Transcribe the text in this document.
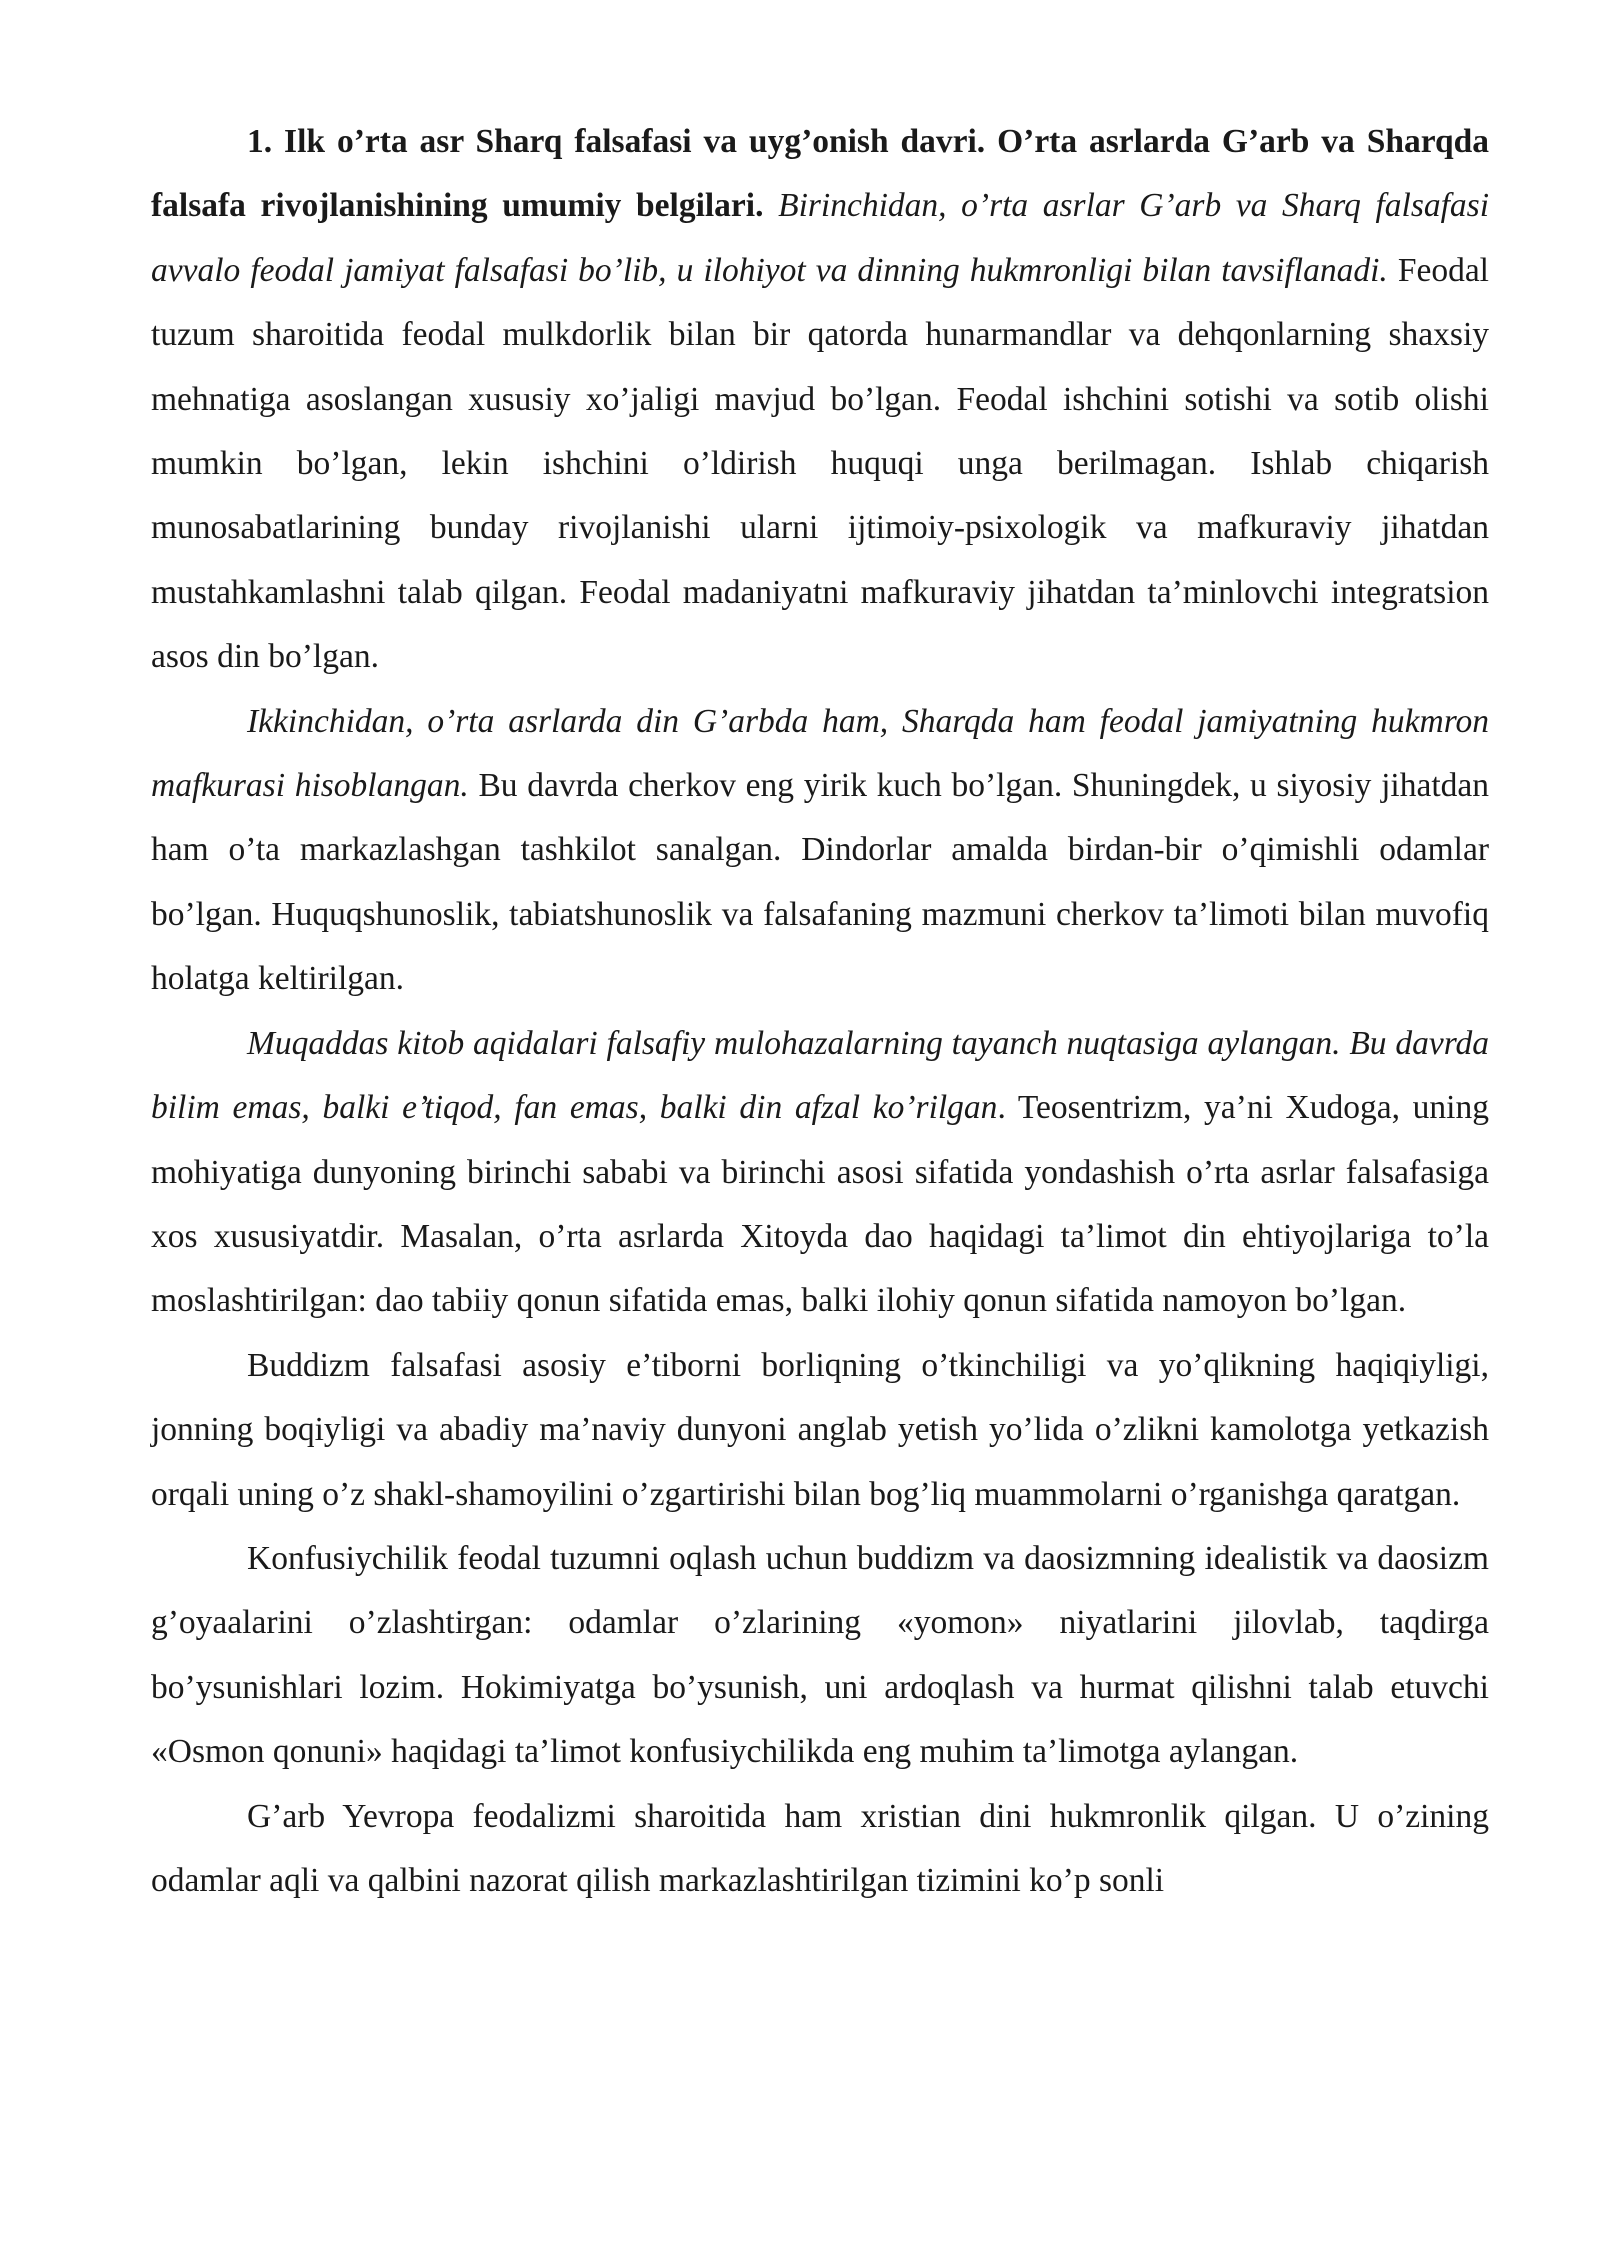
1. Ilk o’rta asr Sharq falsafasi va uyg’onish davri. O’rta asrlarda G’arb va Sharqda falsafa rivojlanishining umumiy belgilari. Birinchidan, o’rta asrlar G’arb va Sharq falsafasi avvalo feodal jamiyat falsafasi bo’lib, u ilohiyot va dinning hukmronligi bilan tavsiflanadi. Feodal tuzum sharoitida feodal mulkdorlik bilan bir qatorda hunarmandlar va dehqonlarning shaxsiy mehnatiga asoslangan xususiy xo’jaligi mavjud bo’lgan. Feodal ishchini sotishi va sotib olishi mumkin bo’lgan, lekin ishchini o’ldirish huquqi unga berilmagan. Ishlab chiqarish munosabatlarining bunday rivojlanishi ularni ijtimoiy-psixologik va mafkuraviy jihatdan mustahkamlashni talab qilgan. Feodal madaniyatni mafkuraviy jihatdan ta’minlovchi integratsion asos din bo’lgan.

Ikkinchidan, o’rta asrlarda din G’arbda ham, Sharqda ham feodal jamiyatning hukmron mafkurasi hisoblangan. Bu davrda cherkov eng yirik kuch bo’lgan. Shuningdek, u siyosiy jihatdan ham o’ta markazlashgan tashkilot sanalgan. Dindorlar amalda birdan-bir o’qimishli odamlar bo’lgan. Huquqshunoslik, tabiatshunoslik va falsafaning mazmuni cherkov ta’limoti bilan muvofiq holatga keltirilgan.

Muqaddas kitob aqidalari falsafiy mulohazalarning tayanch nuqtasiga aylangan. Bu davrda bilim emas, balki e’tiqod, fan emas, balki din afzal ko’rilgan. Teosentrizm, ya’ni Xudoga, uning mohiyatiga dunyoning birinchi sababi va birinchi asosi sifatida yondashish o’rta asrlar falsafasiga xos xususiyatdir. Masalan, o’rta asrlarda Xitoyda dao haqidagi ta’limot din ehtiyojlariga to’la moslashtirilgan: dao tabiiy qonun sifatida emas, balki ilohiy qonun sifatida namoyon bo’lgan.

Buddizm falsafasi asosiy e’tiborni borliqning o’tkinchiligi va yo’qlikning haqiqiyligi, jonning boqiyligi va abadiy ma’naviy dunyoni anglab yetish yo’lida o’zlikni kamolotga yetkazish orqali uning o’z shakl-shamoyilini o’zgartirishi bilan bog’liq muammolarni o’rganishga qaratgan.

Konfusiychilik feodal tuzumni oqlash uchun buddizm va daosizmning idealistik va daosizm g’oyaalarini o’zlashtirgan: odamlar o’zlarining «yomon» niyatlarini jilovlab, taqdirga bo’ysunishlari lozim. Hokimiyatga bo’ysunish, uni ardoqlash va hurmat qilishni talab etuvchi «Osmon qonuni» haqidagi ta’limot konfusiychilikda eng muhim ta’limotga aylangan.

G’arb Yevropa feodalizmi sharoitida ham xristian dini hukmronlik qilgan. U o’zining odamlar aqli va qalbini nazorat qilish markazlashtirilgan tizimini ko’p sonli
